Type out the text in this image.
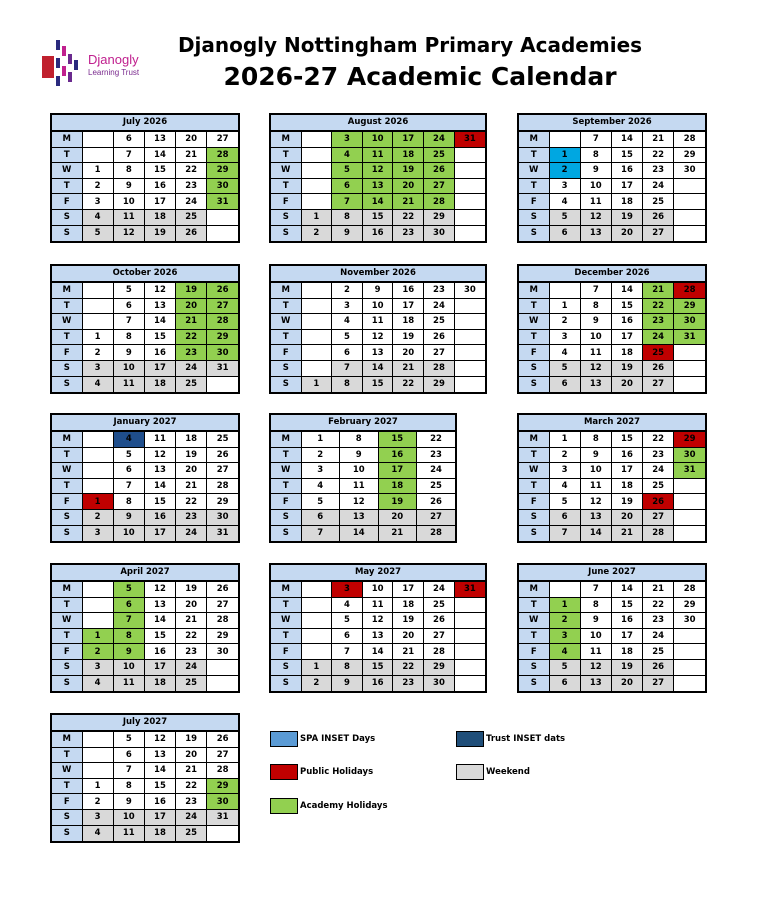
Djanogly
Learning Trust
Djanogly Nottingham Primary Academies
2026-27 Academic Calendar
July 2026
M		6	13	20	27
T		7	14	21	28
W	1	8	15	22	29
T	2	9	16	23	30
F	3	10	17	24	31
S	4	11	18	25	
S	5	12	19	26	
August 2026
M		3	10	17	24	31
T		4	11	18	25	
W		5	12	19	26	
T		6	13	20	27	
F		7	14	21	28	
S	1	8	15	22	29	
S	2	9	16	23	30	
September 2026
M		7	14	21	28
T	1	8	15	22	29
W	2	9	16	23	30
T	3	10	17	24	
F	4	11	18	25	
S	5	12	19	26	
S	6	13	20	27	
October 2026
M		5	12	19	26
T		6	13	20	27
W		7	14	21	28
T	1	8	15	22	29
F	2	9	16	23	30
S	3	10	17	24	31
S	4	11	18	25	
November 2026
M		2	9	16	23	30
T		3	10	17	24	
W		4	11	18	25	
T		5	12	19	26	
F		6	13	20	27	
S		7	14	21	28	
S	1	8	15	22	29	
December 2026
M		7	14	21	28
T	1	8	15	22	29
W	2	9	16	23	30
T	3	10	17	24	31
F	4	11	18	25	
S	5	12	19	26	
S	6	13	20	27	
January 2027
M		4	11	18	25
T		5	12	19	26
W		6	13	20	27
T		7	14	21	28
F	1	8	15	22	29
S	2	9	16	23	30
S	3	10	17	24	31
February 2027
M	1	8	15	22
T	2	9	16	23
W	3	10	17	24
T	4	11	18	25
F	5	12	19	26
S	6	13	20	27
S	7	14	21	28
March 2027
M	1	8	15	22	29
T	2	9	16	23	30
W	3	10	17	24	31
T	4	11	18	25	
F	5	12	19	26	
S	6	13	20	27	
S	7	14	21	28	
April 2027
M		5	12	19	26
T		6	13	20	27
W		7	14	21	28
T	1	8	15	22	29
F	2	9	16	23	30
S	3	10	17	24	
S	4	11	18	25	
May 2027
M		3	10	17	24	31
T		4	11	18	25	
W		5	12	19	26	
T		6	13	20	27	
F		7	14	21	28	
S	1	8	15	22	29	
S	2	9	16	23	30	
June 2027
M		7	14	21	28
T	1	8	15	22	29
W	2	9	16	23	30
T	3	10	17	24	
F	4	11	18	25	
S	5	12	19	26	
S	6	13	20	27	
July 2027
M		5	12	19	26
T		6	13	20	27
W		7	14	21	28
T	1	8	15	22	29
F	2	9	16	23	30
S	3	10	17	24	31
S	4	11	18	25	
SPA INSET Days	Trust INSET dats
Public Holidays	Weekend
Academy Holidays
